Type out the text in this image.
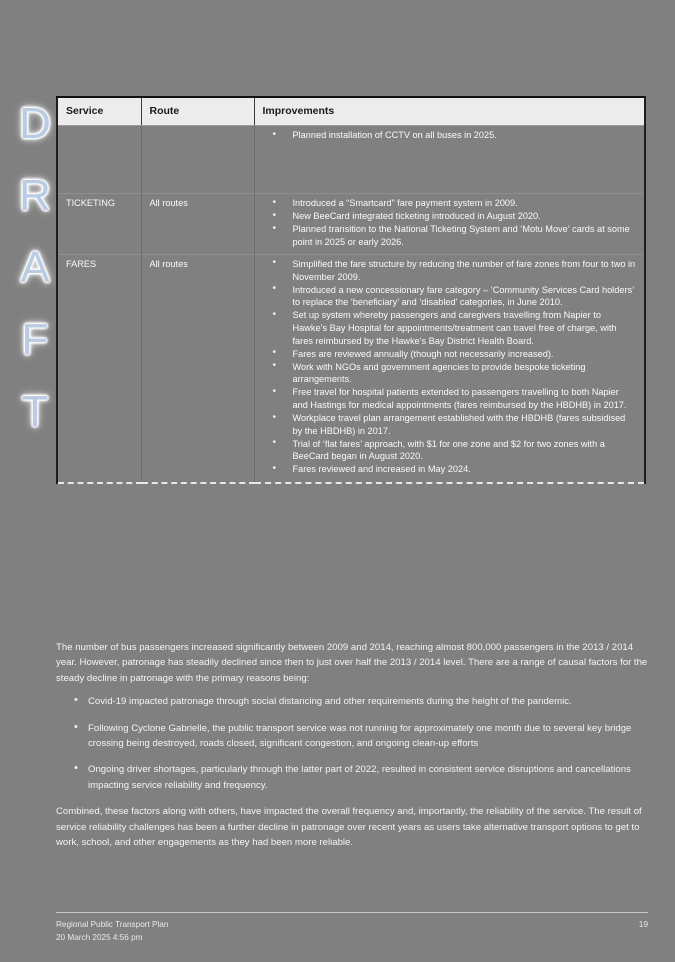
D
R
A
F
T
Service	Route	Improvements

• Planned installation of CCTV on all buses in 2025.

TICKETING	All routes	
•Introduced a “Smartcard” fare payment system in 2009.
• New BeeCard integrated ticketing introduced in August 2020.
• Planned transition to the National Ticketing System and ‘Motu Move’ cards at some point in 2025 or early 2026.

FARES	All routes	
•Simplified the fare structure by reducing the number of fare zones from four to two in November 2009.
• Introduced a new concessionary fare category – ‘Community Services Card holders’ to replace the ‘beneficiary’ and ‘disabled’ categories, in June 2010.
• Set up system whereby passengers and caregivers travelling from Napier to Hawke’s Bay Hospital for appointments/treatment can travel free of charge, with fares reimbursed by the Hawke’s Bay District Health Board.
• Fares are reviewed annually (though not necessarily increased).
• Work with NGOs and government agencies to provide bespoke ticketing arrangements.
• Free travel for hospital patients extended to passengers travelling to both Napier and Hastings for medical appointments (fares reimbursed by the HBDHB) in 2017.
• Workplace travel plan arrangement established with the HBDHB (fares subsidised by the HBDHB) in 2017.
• Trial of ‘flat fares’ approach, with $1 for one zone and $2 for two zones with a BeeCard began in August 2020.
• Fares reviewed and increased in May 2024.

The number of bus passengers increased significantly between 2009 and 2014, reaching almost 800,000 passengers in the 2013 / 2014 year. However, patronage has steadily declined since then to just over half the 2013 / 2014 level. There are a range of causal factors for the steady decline in patronage with the primary reasons being:

• Covid-19 impacted patronage through social distancing and other requirements during the height of the pandemic.
• Following Cyclone Gabrielle, the public transport service was not running for approximately one month due to several key bridge crossing being destroyed, roads closed, significant congestion, and ongoing clean-up efforts
• Ongoing driver shortages, particularly through the latter part of 2022, resulted in consistent service disruptions and cancellations impacting service reliability and frequency.

Combined, these factors along with others, have impacted the overall frequency and, importantly, the reliability of the service. The result of service reliability challenges has been a further decline in patronage over recent years as users take alternative transport options to get to work, school, and other engagements as they had been more reliable.

Regional Public Transport Plan
20 March 2025 4:56 pm
19
